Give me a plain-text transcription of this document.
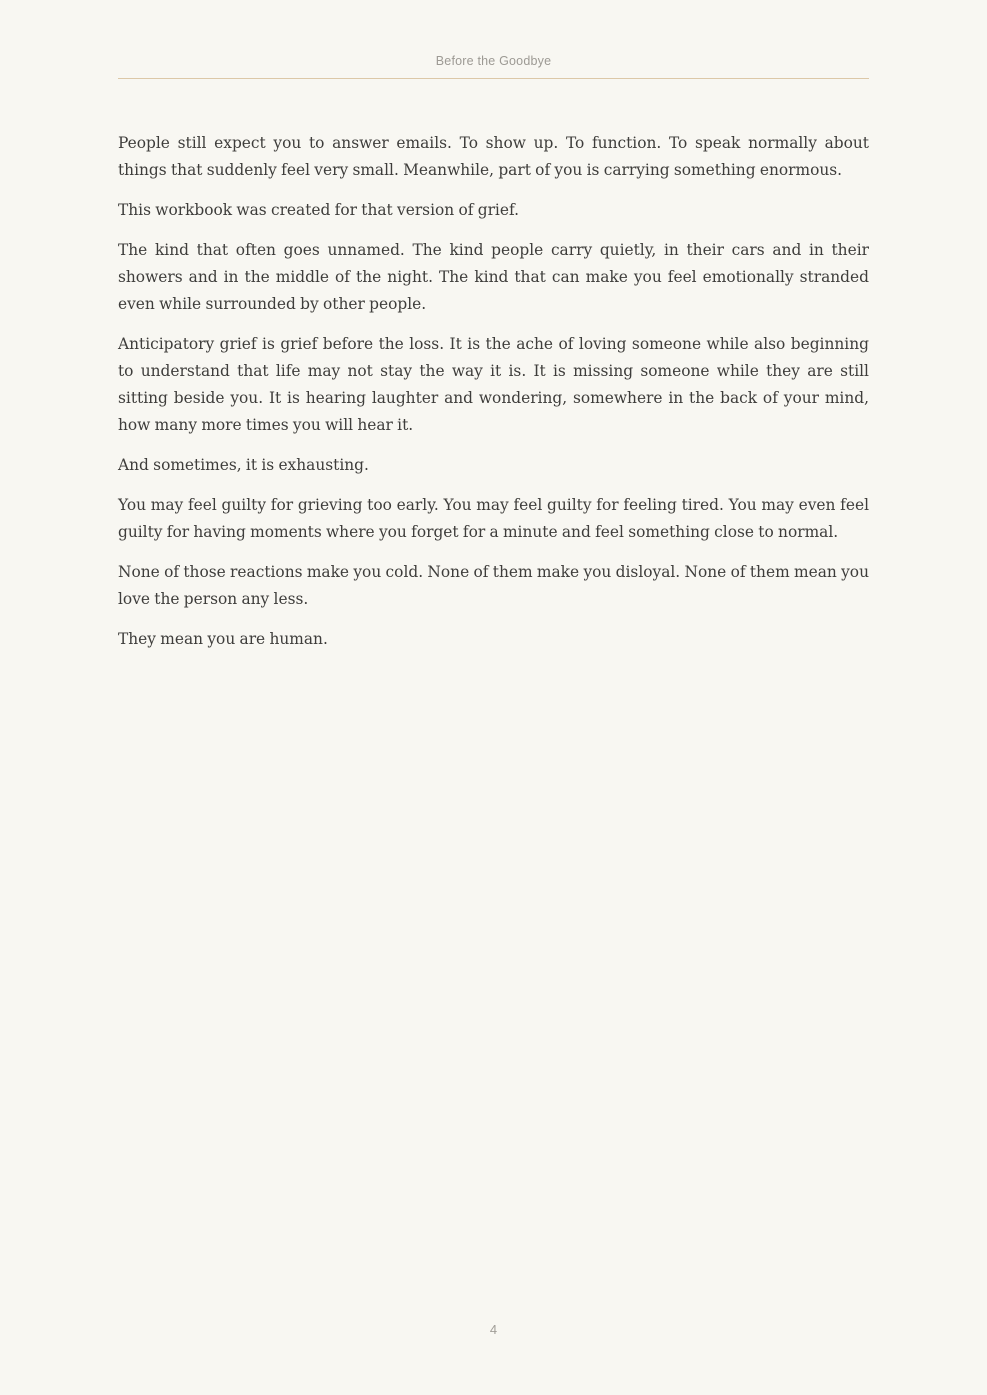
Before the Goodbye

People still expect you to answer emails. To show up. To function. To speak normally about things that suddenly feel very small. Meanwhile, part of you is carrying something enormous.

This workbook was created for that version of grief.

The kind that often goes unnamed. The kind people carry quietly, in their cars and in their showers and in the middle of the night. The kind that can make you feel emotionally stranded even while surrounded by other people.

Anticipatory grief is grief before the loss. It is the ache of loving someone while also beginning to understand that life may not stay the way it is. It is missing someone while they are still sitting beside you. It is hearing laughter and wondering, somewhere in the back of your mind, how many more times you will hear it.

And sometimes, it is exhausting.

You may feel guilty for grieving too early. You may feel guilty for feeling tired. You may even feel guilty for having moments where you forget for a minute and feel something close to normal.

None of those reactions make you cold. None of them make you disloyal. None of them mean you love the person any less.

They mean you are human.

4
